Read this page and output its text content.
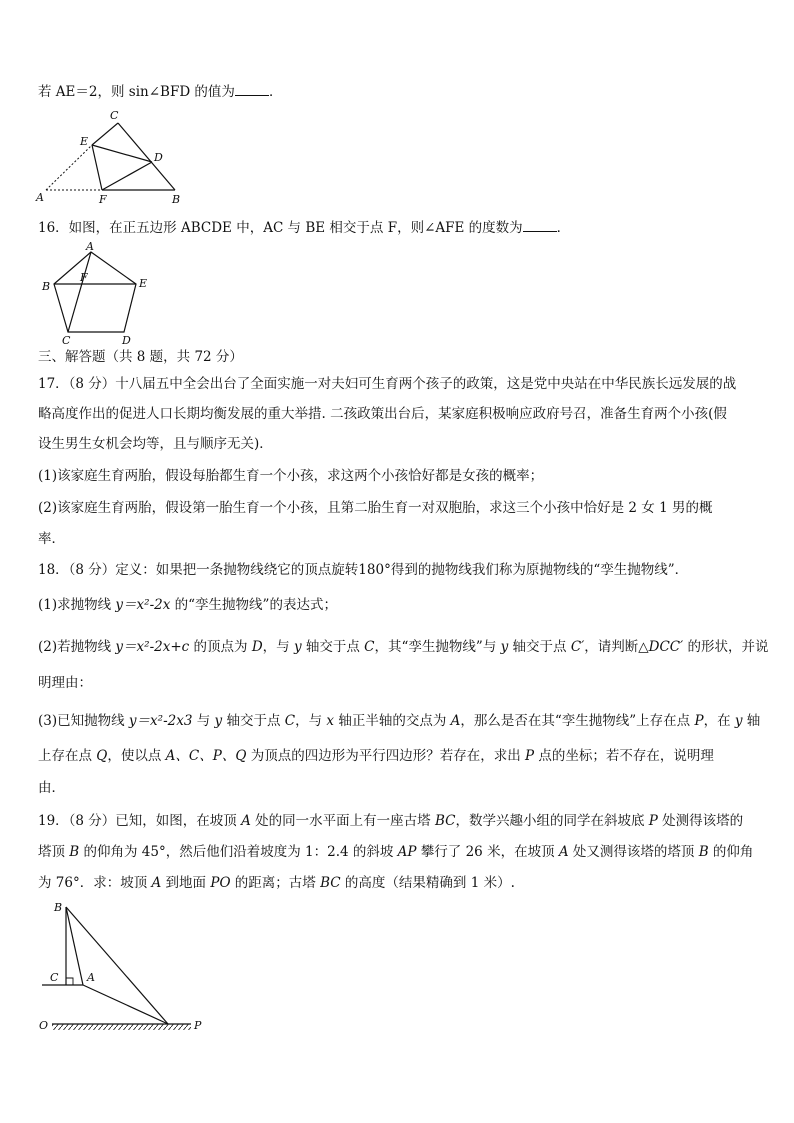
若 AE＝2，则 sin∠BFD 的值为	．
C
E
D
A	F	B
16．如图，在正五边形 ABCDE 中，AC 与 BE 相交于点 F，则∠AFE 的度数为	．
A
B
F	E
C	D
三、解答题（共 8 题，共 72 分）
17．（8 分）十八届五中全会出台了全面实施一对夫妇可生育两个孩子的政策，这是党中央站在中华民族长远发展的战
略高度作出的促进人口长期均衡发展的重大举措. 二孩政策出台后，某家庭积极响应政府号召，准备生育两个小孩(假
设生男生女机会均等，且与顺序无关)．
(1)该家庭生育两胎，假设每胎都生育一个小孩，求这两个小孩恰好都是女孩的概率；
(2)该家庭生育两胎，假设第一胎生育一个小孩，且第二胎生育一对双胞胎，求这三个小孩中恰好是 2 女 1 男的概
率．
18．（8 分）定义：如果把一条抛物线绕它的顶点旋转180°得到的抛物线我们称为原抛物线的“孪生抛物线”．
(1)求抛物线 y＝x²-2x 的“孪生抛物线”的表达式；
(2)若抛物线 y＝x²-2x+c 的顶点为 D，与 y 轴交于点 C，其“孪生抛物线”与 y 轴交于点 C′，请判断△DCC′ 的形状，并说
明理由：
(3)已知抛物线 y＝x²-2x3 与 y 轴交于点 C，与 x 轴正半轴的交点为 A，那么是否在其“孪生抛物线”上存在点 P，在 y 轴
上存在点 Q，使以点 A、C、P、Q 为顶点的四边形为平行四边形？若存在，求出 P 点的坐标；若不存在，说明理
由．
19．（8 分）已知，如图，在坡顶 A 处的同一水平面上有一座古塔 BC，数学兴趣小组的同学在斜坡底 P 处测得该塔的
塔顶 B 的仰角为 45°，然后他们沿着坡度为 1：2.4 的斜坡 AP 攀行了 26 米，在坡顶 A 处又测得该塔的塔顶 B 的仰角
为 76°．求：坡顶 A 到地面 PO 的距离；古塔 BC 的高度（结果精确到 1 米）.
B
C	A
O	P
